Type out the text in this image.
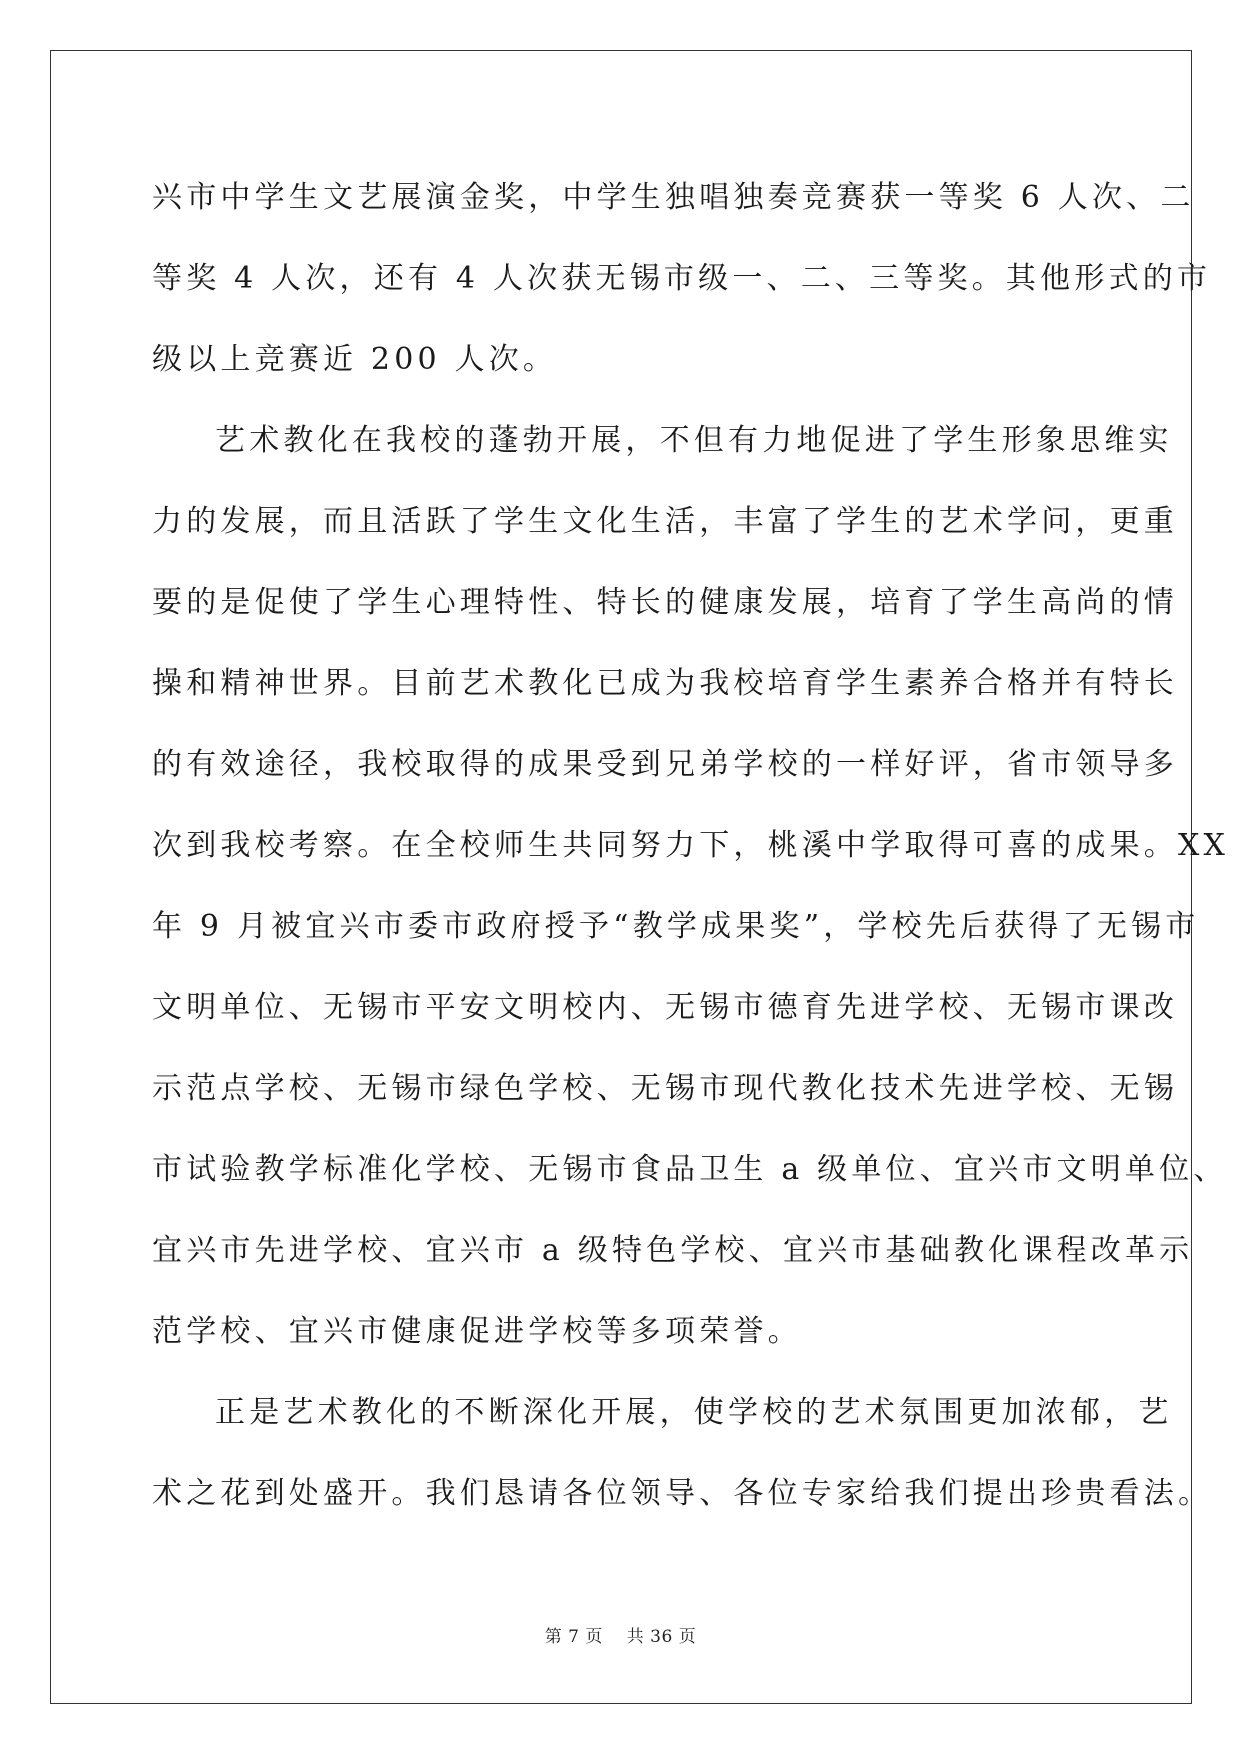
兴市中学生文艺展演金奖，中学生独唱独奏竞赛获一等奖 6 人次、二
等奖 4 人次，还有 4 人次获无锡市级一、二、三等奖。其他形式的市
级以上竞赛近 200 人次。
艺术教化在我校的蓬勃开展，不但有力地促进了学生形象思维实
力的发展，而且活跃了学生文化生活，丰富了学生的艺术学问，更重
要的是促使了学生心理特性、特长的健康发展，培育了学生高尚的情
操和精神世界。目前艺术教化已成为我校培育学生素养合格并有特长
的有效途径，我校取得的成果受到兄弟学校的一样好评，省市领导多
次到我校考察。在全校师生共同努力下，桃溪中学取得可喜的成果。XX
年 9 月被宜兴市委市政府授予“教学成果奖”，学校先后获得了无锡市
文明单位、无锡市平安文明校内、无锡市德育先进学校、无锡市课改
示范点学校、无锡市绿色学校、无锡市现代教化技术先进学校、无锡
市试验教学标准化学校、无锡市食品卫生 a 级单位、宜兴市文明单位、
宜兴市先进学校、宜兴市 a 级特色学校、宜兴市基础教化课程改革示
范学校、宜兴市健康促进学校等多项荣誉。
正是艺术教化的不断深化开展，使学校的艺术氛围更加浓郁，艺
术之花到处盛开。我们恳请各位领导、各位专家给我们提出珍贵看法。
第 7 页 共 36 页
